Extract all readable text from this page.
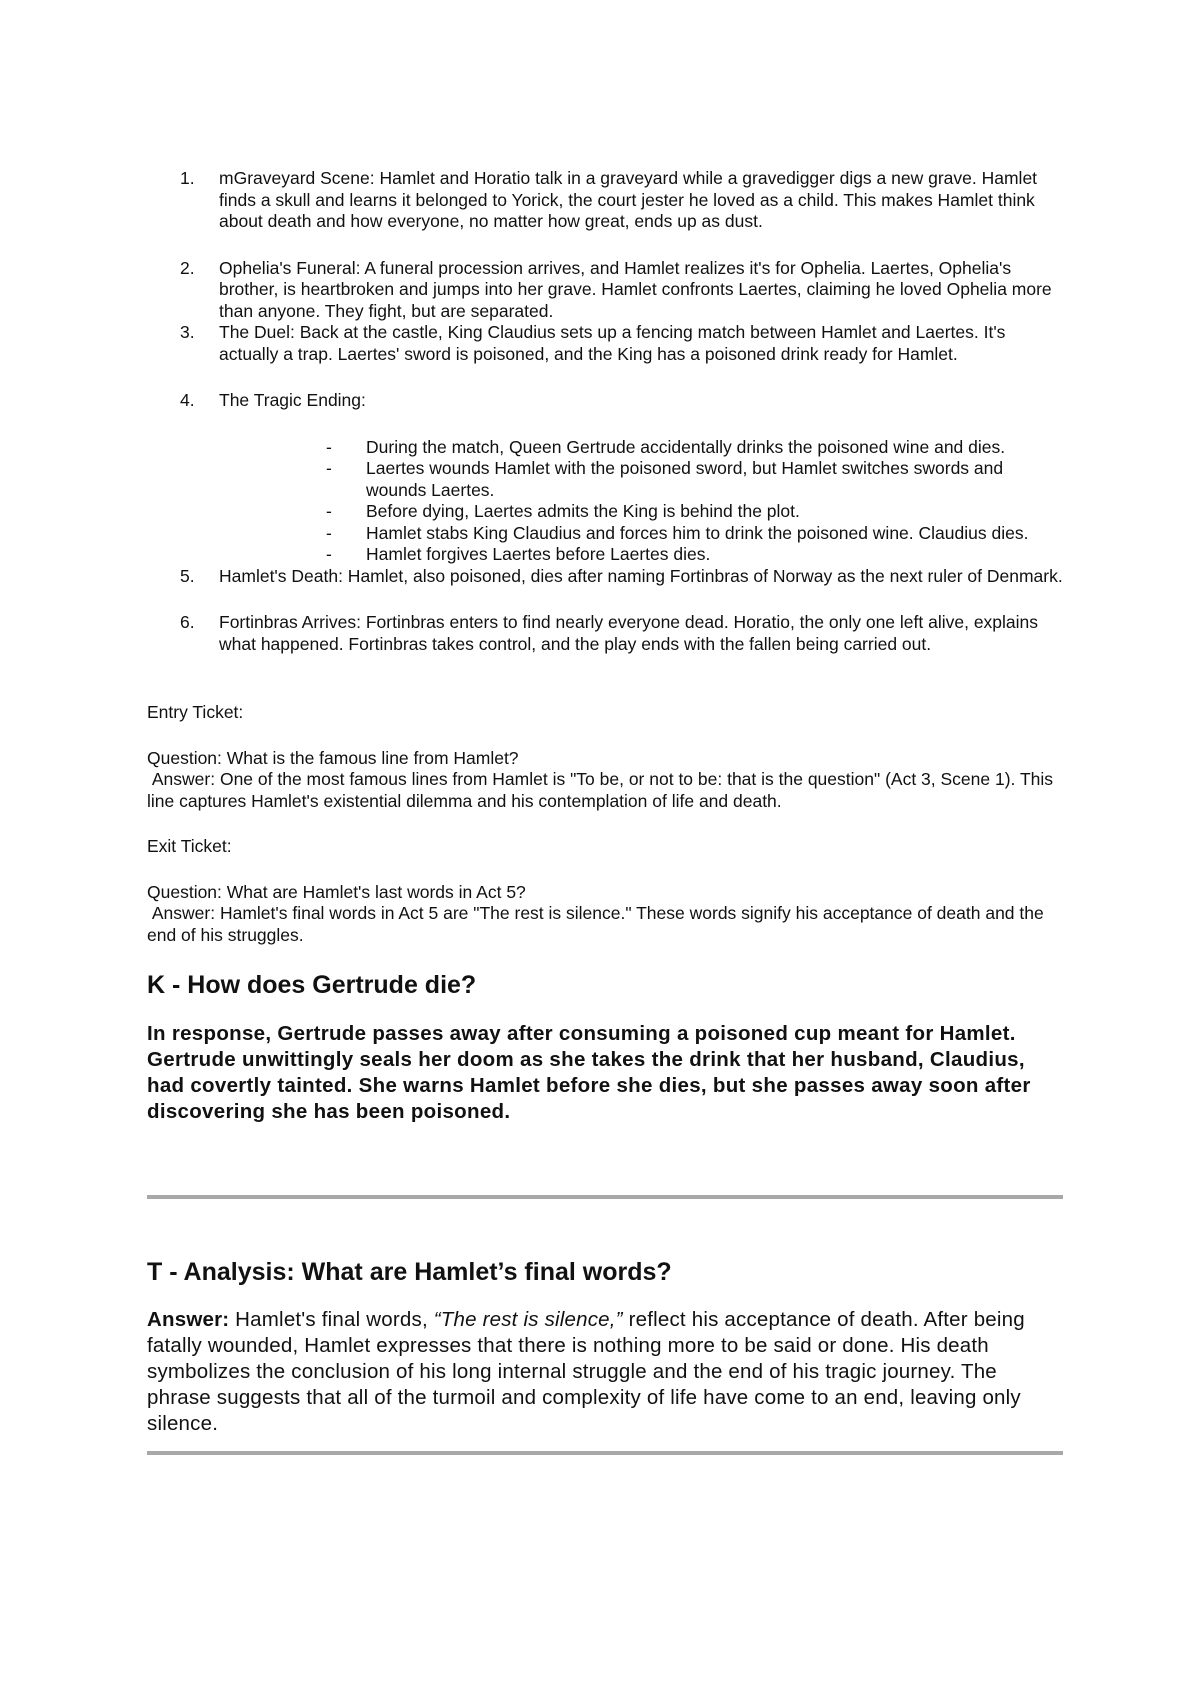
1. mGraveyard Scene: Hamlet and Horatio talk in a graveyard while a gravedigger digs a new grave. Hamlet finds a skull and learns it belonged to Yorick, the court jester he loved as a child. This makes Hamlet think about death and how everyone, no matter how great, ends up as dust.
2. Ophelia's Funeral: A funeral procession arrives, and Hamlet realizes it's for Ophelia. Laertes, Ophelia's brother, is heartbroken and jumps into her grave. Hamlet confronts Laertes, claiming he loved Ophelia more than anyone. They fight, but are separated.
3. The Duel: Back at the castle, King Claudius sets up a fencing match between Hamlet and Laertes. It's actually a trap. Laertes' sword is poisoned, and the King has a poisoned drink ready for Hamlet.
4. The Tragic Ending:
- During the match, Queen Gertrude accidentally drinks the poisoned wine and dies.
- Laertes wounds Hamlet with the poisoned sword, but Hamlet switches swords and wounds Laertes.
- Before dying, Laertes admits the King is behind the plot.
- Hamlet stabs King Claudius and forces him to drink the poisoned wine. Claudius dies.
- Hamlet forgives Laertes before Laertes dies.
5. Hamlet's Death: Hamlet, also poisoned, dies after naming Fortinbras of Norway as the next ruler of Denmark.
6. Fortinbras Arrives: Fortinbras enters to find nearly everyone dead. Horatio, the only one left alive, explains what happened. Fortinbras takes control, and the play ends with the fallen being carried out.
Entry Ticket:
Question: What is the famous line from Hamlet?
Answer: One of the most famous lines from Hamlet is "To be, or not to be: that is the question" (Act 3, Scene 1). This line captures Hamlet's existential dilemma and his contemplation of life and death.
Exit Ticket:
Question: What are Hamlet's last words in Act 5?
Answer: Hamlet's final words in Act 5 are "The rest is silence." These words signify his acceptance of death and the end of his struggles.
K - How does Gertrude die?

In response, Gertrude passes away after consuming a poisoned cup meant for Hamlet. Gertrude unwittingly seals her doom as she takes the drink that her husband, Claudius, had covertly tainted. She warns Hamlet before she dies, but she passes away soon after discovering she has been poisoned.

T - Analysis: What are Hamlet’s final words?

Answer: Hamlet's final words, “The rest is silence,” reflect his acceptance of death. After being fatally wounded, Hamlet expresses that there is nothing more to be said or done. His death symbolizes the conclusion of his long internal struggle and the end of his tragic journey. The phrase suggests that all of the turmoil and complexity of life have come to an end, leaving only silence.
